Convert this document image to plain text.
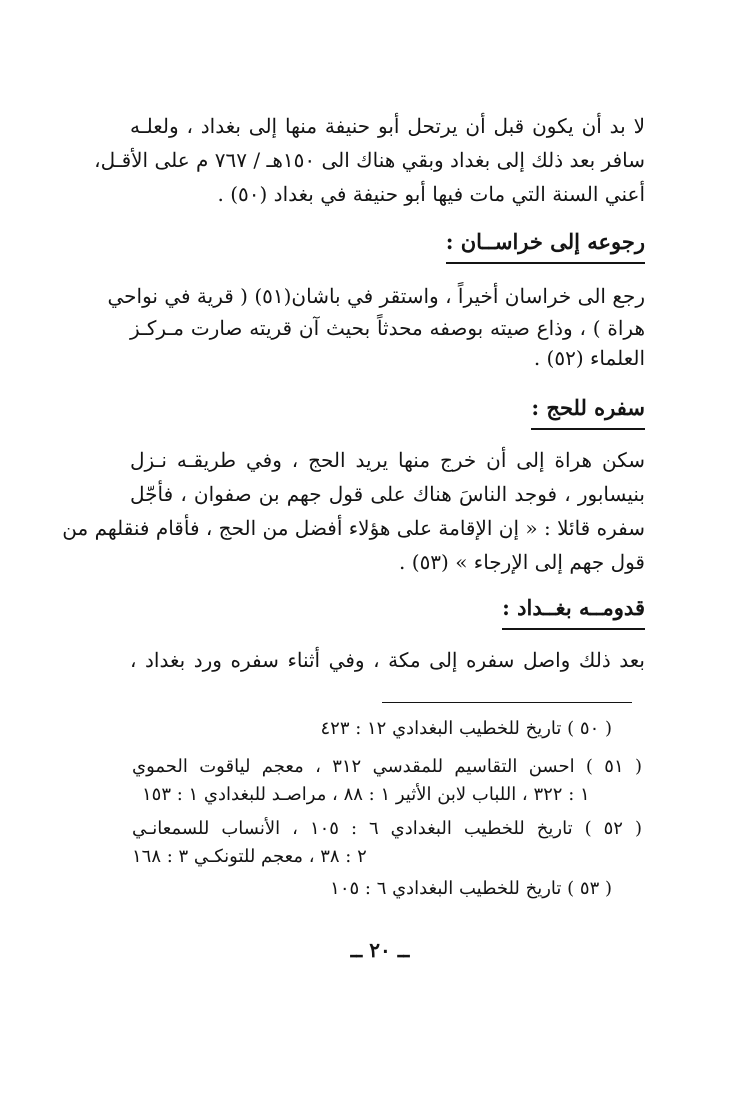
لا بد أن يكون قبل أن يرتحل أبو حنيفة منها إلى بغداد ، ولعلـه
سافر بعد ذلك إلى بغداد وبقي هناك الى ١٥٠هـ / ٧٦٧ م على الأقـل،
أعني السنة التي مات فيها أبو حنيفة في بغداد (٥٠) .
رجوعه إلى خراســان :
رجع الى خراسان أخيراً ، واستقر في باشان(٥١) ( قرية في نواحي
هراة ) ، وذاع صيته بوصفه محدثاً بحيث آن قريته صارت مـركـز
العلماء (٥٢) .
سفره للحج :
سكن هراة إلى أن خرج منها يريد الحج ، وفي طريقـه نـزل
بنيسابور ، فوجد الناسَ هناك على قول جهم بن صفوان ، فأجّل
سفره قائلا : « إن الإقامة على هؤلاء أفضل من الحج ، فأقام فنقلهم من
قول جهم إلى الإرجاء » (٥٣) .
قدومــه بغــداد :
بعد ذلك واصل سفره إلى مكة ، وفي أثناء سفره ورد بغداد ،
( ٥٠ ) تاريخ للخطيب البغدادي ١٢ : ٤٢٣
( ٥١ ) احسن التقاسيم للمقدسي ٣١٢ ، معجم لياقوت الحموي
١ : ٣٢٢ ، اللباب لابن الأثير ١ : ٨٨ ، مراصـد للبغدادي ١ : ١٥٣
( ٥٢ ) تاريخ للخطيب البغدادي ٦ : ١٠٥ ، الأنساب للسمعانـي
٢ : ٣٨ ، معجم للتونكـي ٣ : ١٦٨
( ٥٣ ) تاريخ للخطيب البغدادي ٦ : ١٠٥
ــ ٢٠ ــ
